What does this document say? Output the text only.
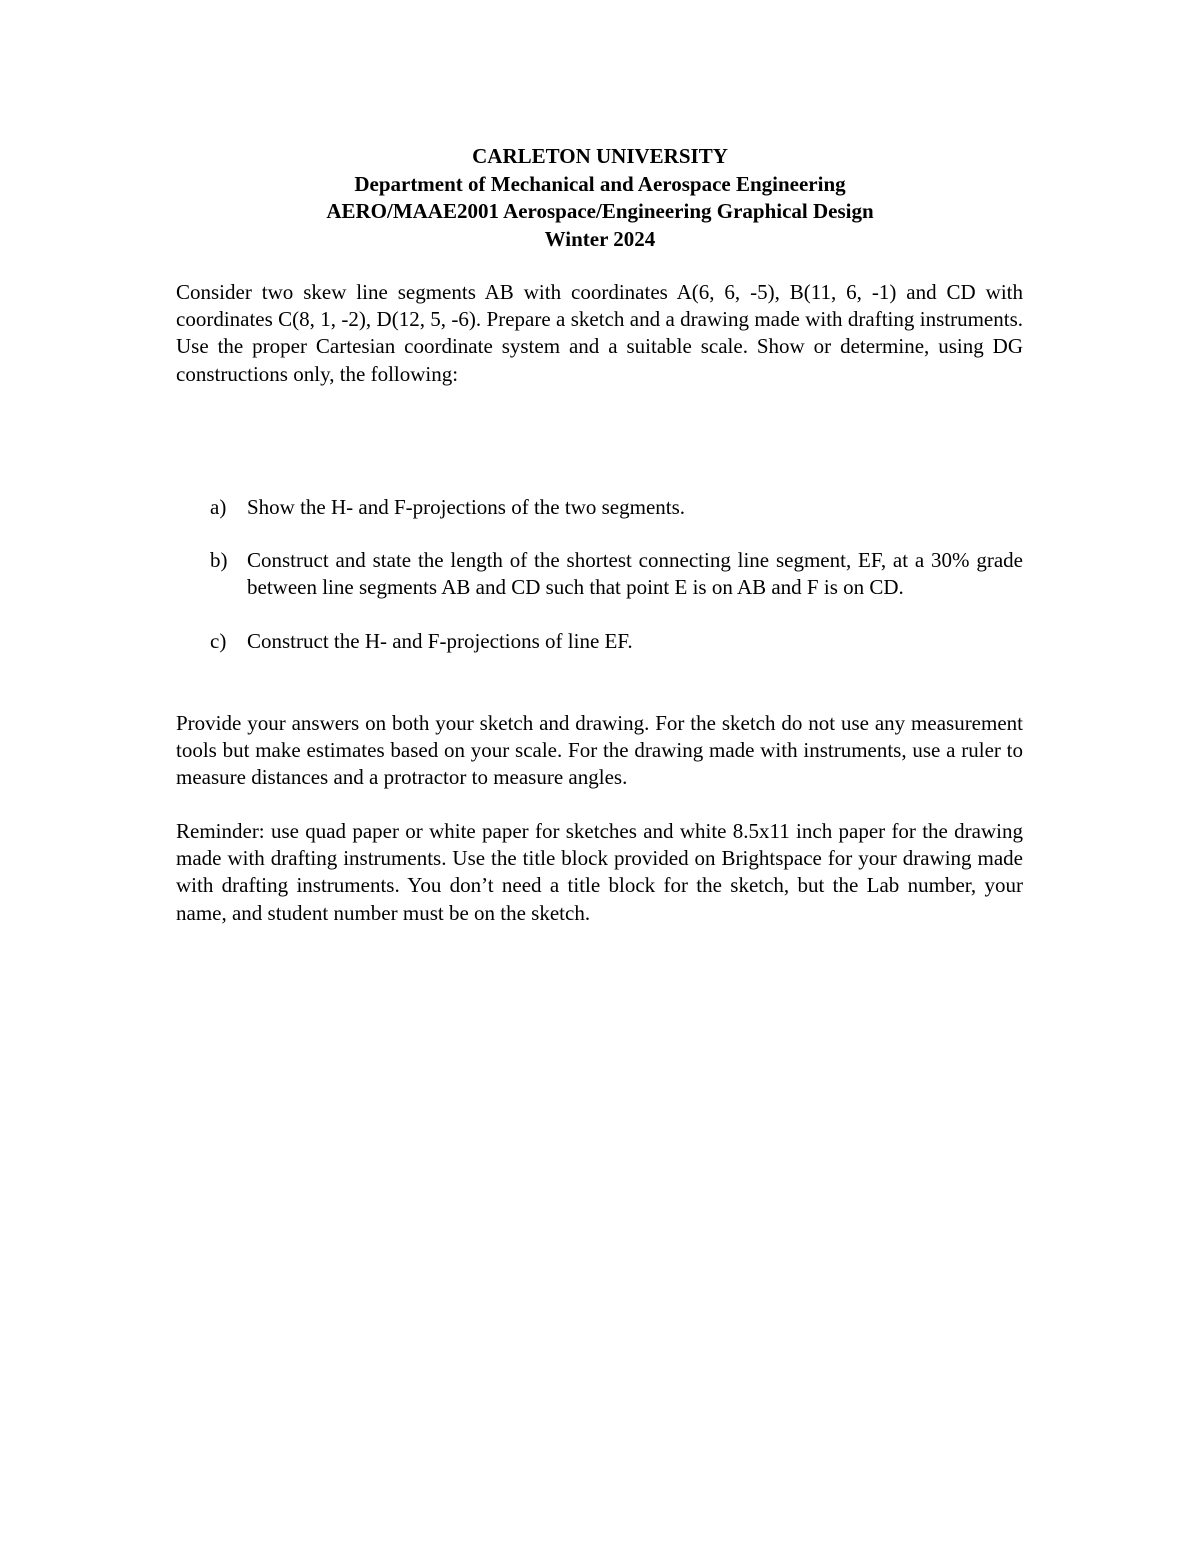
CARLETON UNIVERSITY
Department of Mechanical and Aerospace Engineering
AERO/MAAE2001 Aerospace/Engineering Graphical Design
Winter 2024

Consider two skew line segments AB with coordinates A(6, 6, -5), B(11, 6, -1) and CD with coordinates C(8, 1, -2), D(12, 5, -6). Prepare a sketch and a drawing made with drafting instruments. Use the proper Cartesian coordinate system and a suitable scale. Show or determine, using DG constructions only, the following:

a) Show the H- and F-projections of the two segments.
b) Construct and state the length of the shortest connecting line segment, EF, at a 30% grade between line segments AB and CD such that point E is on AB and F is on CD.
c) Construct the H- and F-projections of line EF.

Provide your answers on both your sketch and drawing. For the sketch do not use any measurement tools but make estimates based on your scale. For the drawing made with instruments, use a ruler to measure distances and a protractor to measure angles.

Reminder: use quad paper or white paper for sketches and white 8.5x11 inch paper for the drawing made with drafting instruments. Use the title block provided on Brightspace for your drawing made with drafting instruments. You don’t need a title block for the sketch, but the Lab number, your name, and student number must be on the sketch.
